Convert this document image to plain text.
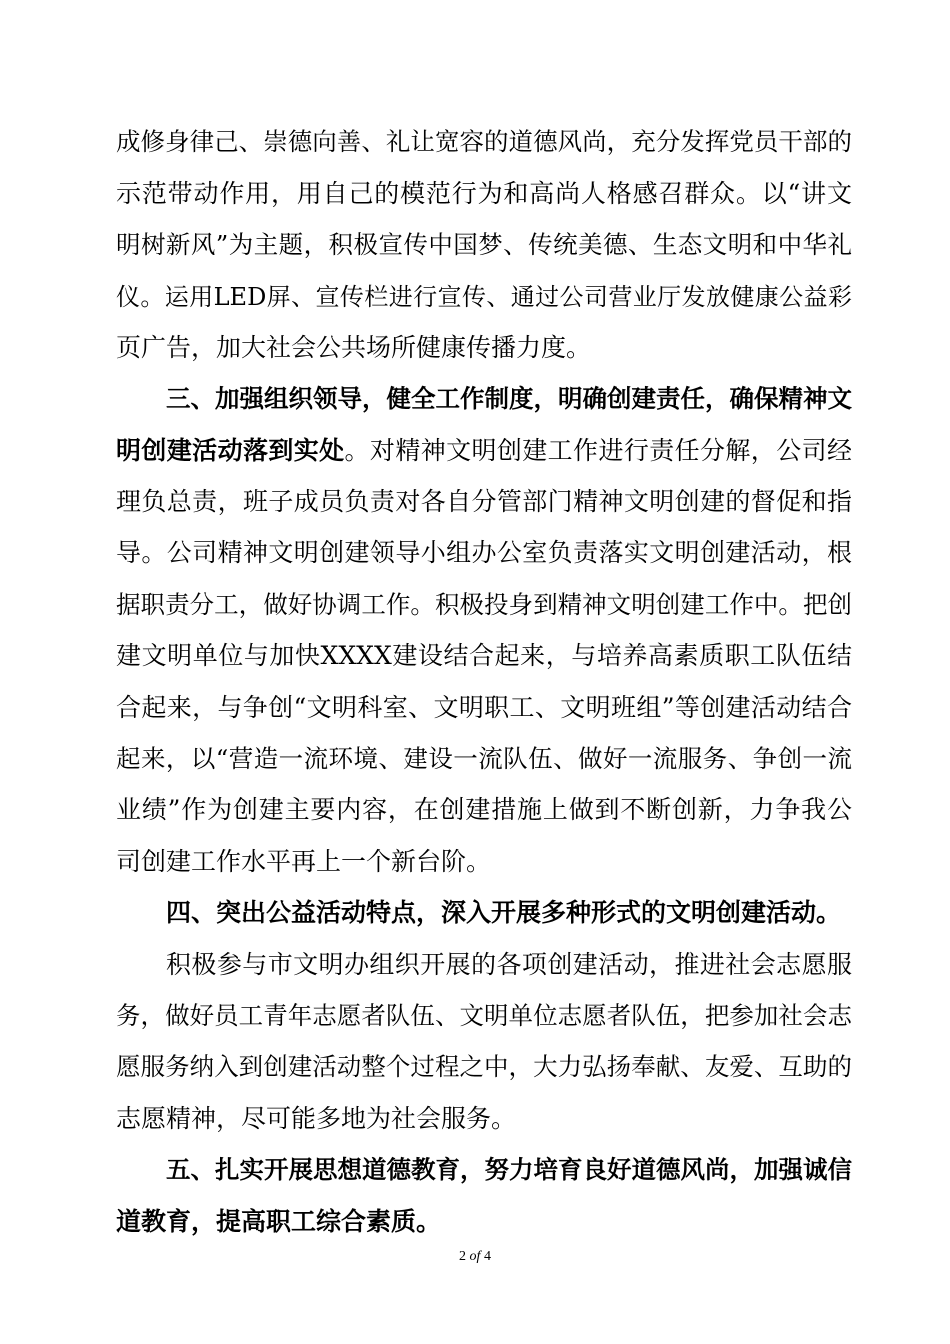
成修身律己、崇德向善、礼让宽容的道德风尚，充分发挥党员干部的
示范带动作用，用自己的模范行为和高尚人格感召群众。以“讲文
明树新风”为主题，积极宣传中国梦、传统美德、生态文明和中华礼
仪。运用LED屏、宣传栏进行宣传、通过公司营业厅发放健康公益彩
页广告，加大社会公共场所健康传播力度。
三、加强组织领导，健全工作制度，明确创建责任，确保精神文
明创建活动落到实处。对精神文明创建工作进行责任分解，公司经
理负总责，班子成员负责对各自分管部门精神文明创建的督促和指
导。公司精神文明创建领导小组办公室负责落实文明创建活动，根
据职责分工，做好协调工作。积极投身到精神文明创建工作中。把创
建文明单位与加快XXXX建设结合起来，与培养高素质职工队伍结
合起来，与争创“文明科室、文明职工、文明班组”等创建活动结合
起来，以“营造一流环境、建设一流队伍、做好一流服务、争创一流
业绩”作为创建主要内容，在创建措施上做到不断创新，力争我公
司创建工作水平再上一个新台阶。
四、突出公益活动特点，深入开展多种形式的文明创建活动。
积极参与市文明办组织开展的各项创建活动，推进社会志愿服
务，做好员工青年志愿者队伍、文明单位志愿者队伍，把参加社会志
愿服务纳入到创建活动整个过程之中，大力弘扬奉献、友爱、互助的
志愿精神，尽可能多地为社会服务。
五、扎实开展思想道德教育，努力培育良好道德风尚，加强诚信
道教育，提高职工综合素质。
2 of 4
